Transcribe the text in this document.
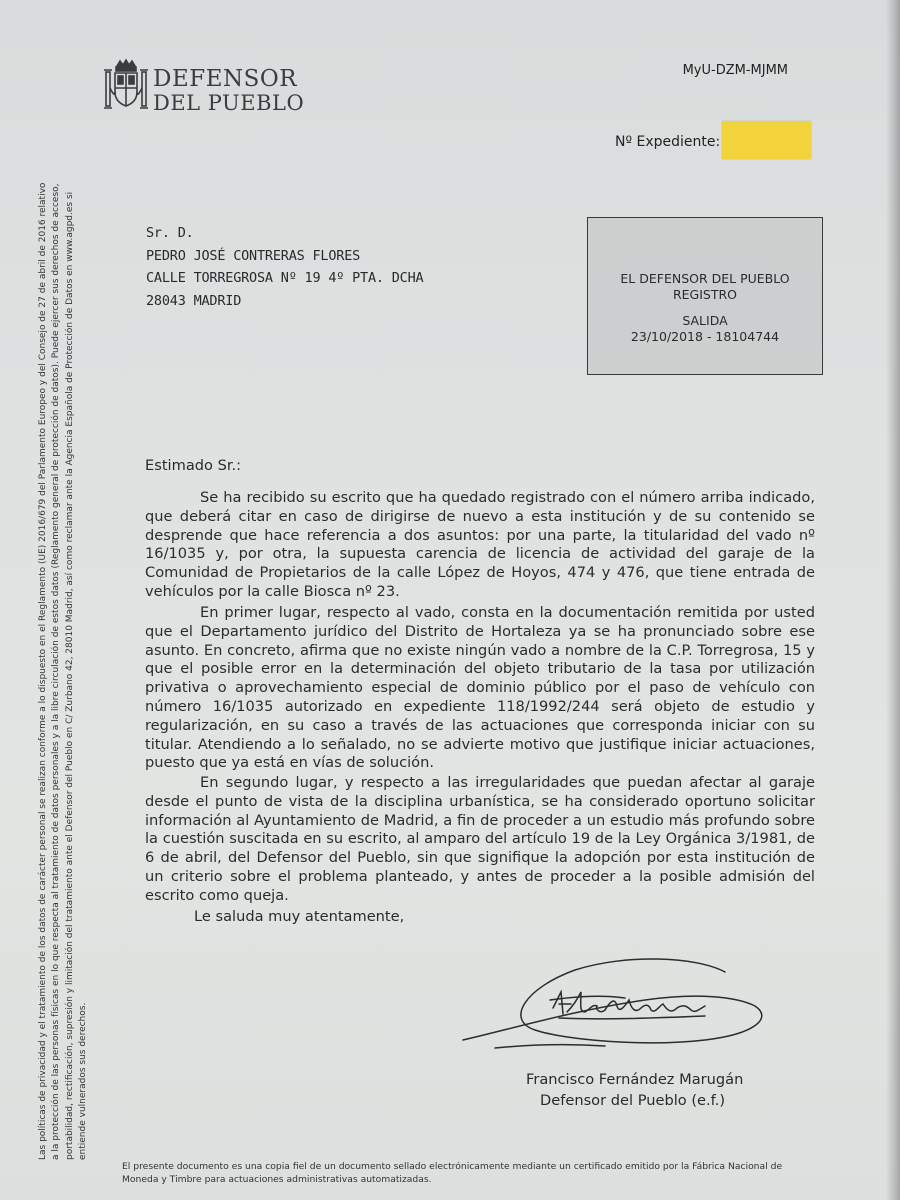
DEFENSOR
DEL PUEBLO
MyU-DZM-MJMM
Nº Expediente:
Sr. D.
PEDRO JOSÉ CONTRERAS FLORES
CALLE TORREGROSA Nº 19 4º PTA. DCHA
28043 MADRID
EL DEFENSOR DEL PUEBLO
REGISTRO
SALIDA
23/10/2018 - 18104744
Estimado Sr.:
Se ha recibido su escrito que ha quedado registrado con el número arriba indicado, que deberá citar en caso de dirigirse de nuevo a esta institución y de su contenido se desprende que hace referencia a dos asuntos: por una parte, la titularidad del vado nº 16/1035 y, por otra, la supuesta carencia de licencia de actividad del garaje de la Comunidad de Propietarios de la calle López de Hoyos, 474 y 476, que tiene entrada de vehículos por la calle Biosca nº 23.
En primer lugar, respecto al vado, consta en la documentación remitida por usted que el Departamento jurídico del Distrito de Hortaleza ya se ha pronunciado sobre ese asunto. En concreto, afirma que no existe ningún vado a nombre de la C.P. Torregrosa, 15 y que el posible error en la determinación del objeto tributario de la tasa por utilización privativa o aprovechamiento especial de dominio público por el paso de vehículo con número 16/1035 autorizado en expediente 118/1992/244 será objeto de estudio y regularización, en su caso a través de las actuaciones que corresponda iniciar con su titular. Atendiendo a lo señalado, no se advierte motivo que justifique iniciar actuaciones, puesto que ya está en vías de solución.
En segundo lugar, y respecto a las irregularidades que puedan afectar al garaje desde el punto de vista de la disciplina urbanística, se ha considerado oportuno solicitar información al Ayuntamiento de Madrid, a fin de proceder a un estudio más profundo sobre la cuestión suscitada en su escrito, al amparo del artículo 19 de la Ley Orgánica 3/1981, de 6 de abril, del Defensor del Pueblo, sin que signifique la adopción por esta institución de un criterio sobre el problema planteado, y antes de proceder a la posible admisión del escrito como queja.
Le saluda muy atentamente,
Francisco Fernández Marugán
Defensor del Pueblo (e.f.)
Las políticas de privacidad y el tratamiento de los datos de carácter personal se realizan conforme a lo dispuesto en el Reglamento (UE) 2016/679 del Parlamento Europeo y del Consejo de 27 de abril de 2016 relativo a la protección de las personas físicas en lo que respecta al tratamiento de datos personales y a la libre circulación de estos datos (Reglamento general de protección de datos). Puede ejercer sus derechos de acceso, portabilidad, rectificación, supresión y limitación del tratamiento ante el Defensor del Pueblo en C/ Zurbano 42, 28010 Madrid, así como reclamar ante la Agencia Española de Protección de Datos en www.agpd.es si entiende vulnerados sus derechos.
El presente documento es una copia fiel de un documento sellado electrónicamente mediante un certificado emitido por la Fábrica Nacional de Moneda y Timbre para actuaciones administrativas automatizadas.
